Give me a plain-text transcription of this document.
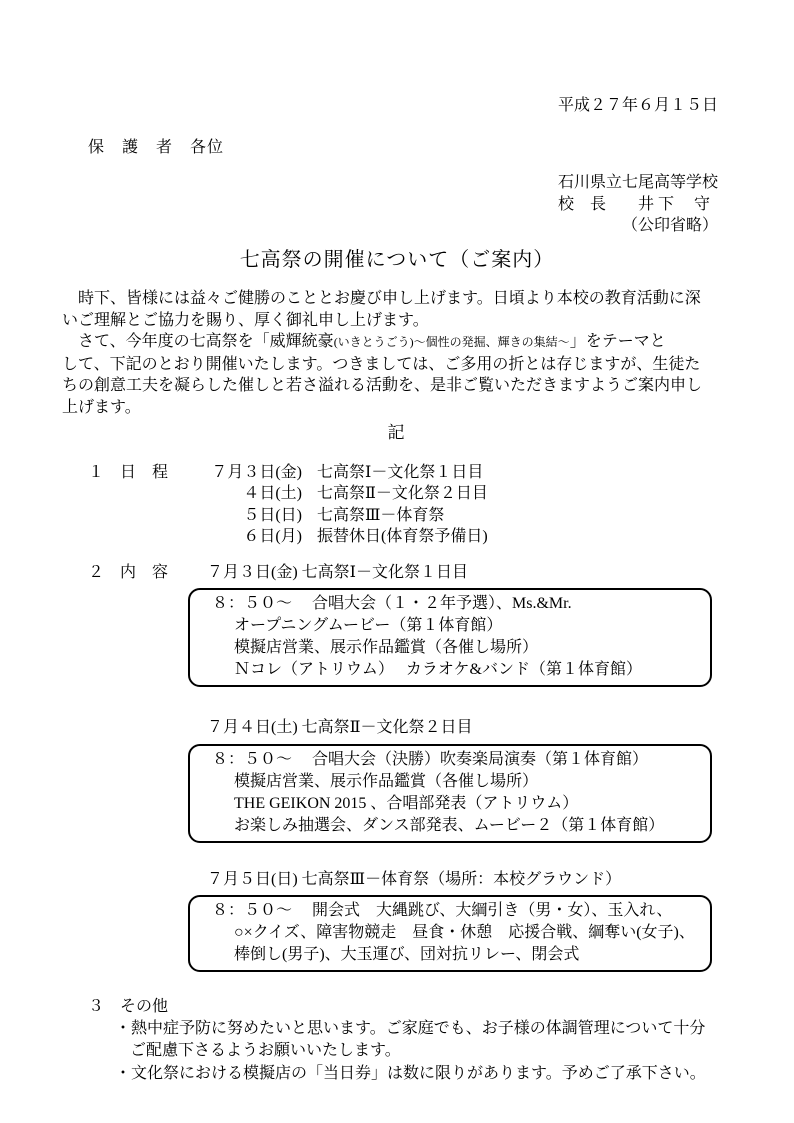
平成２７年６月１５日
保　護　者　各位
石川県立七尾高等学校
校　長　　井 下　 守
（公印省略）
七高祭の開催について（ご案内）
　時下、皆様には益々ご健勝のこととお慶び申し上げます。日頃より本校の教育活動に深
いご理解とご協力を賜り、厚く御礼申し上げます。
　さて、今年度の七高祭を「威輝統豪(いきとうごう)～個性の発掘、輝きの集結～」をテーマと
して、下記のとおり開催いたします。つきましては、ご多用の折とは存じますが、生徒た
ちの創意工夫を凝らした催しと若さ溢れる活動を、是非ご覧いただきますようご案内申し
上げます。
記
１　日　程	７月３日(金) 七高祭Ⅰ－文化祭１日目
４日(土) 七高祭Ⅱ－文化祭２日目
５日(日) 七高祭Ⅲ－体育祭
６日(月) 振替休日(体育祭予備日)
２　内　容	７月３日(金) 七高祭Ⅰ－文化祭１日目
８：５０～　 合唱大会（１・２年予選）、Ms.&Mr.
オープニングムービー（第１体育館）
模擬店営業、展示作品鑑賞（各催し場所）
Ｎコレ（アトリウム）　 カラオケ&バンド（第１体育館）
７月４日(土) 七高祭Ⅱ－文化祭２日目
８：５０～　 合唱大会（決勝）吹奏楽局演奏（第１体育館）
模擬店営業、展示作品鑑賞（各催し場所）
THE GEIKON 2015 、合唱部発表（アトリウム）
お楽しみ抽選会、ダンス部発表、ムービー２（第１体育館）
７月５日(日) 七高祭Ⅲ－体育祭（場所：本校グラウンド）
８：５０～　 開会式　大縄跳び、大綱引き（男・女）、玉入れ、
○×クイズ、障害物競走　昼食・休憩　応援合戦、綱奪い(女子)、
棒倒し(男子)、大玉運び、団対抗リレー、閉会式
３　その他
・熱中症予防に努めたいと思います。ご家庭でも、お子様の体調管理について十分
ご配慮下さるようお願いいたします。
・文化祭における模擬店の「当日券」は数に限りがあります。予めご了承下さい。
